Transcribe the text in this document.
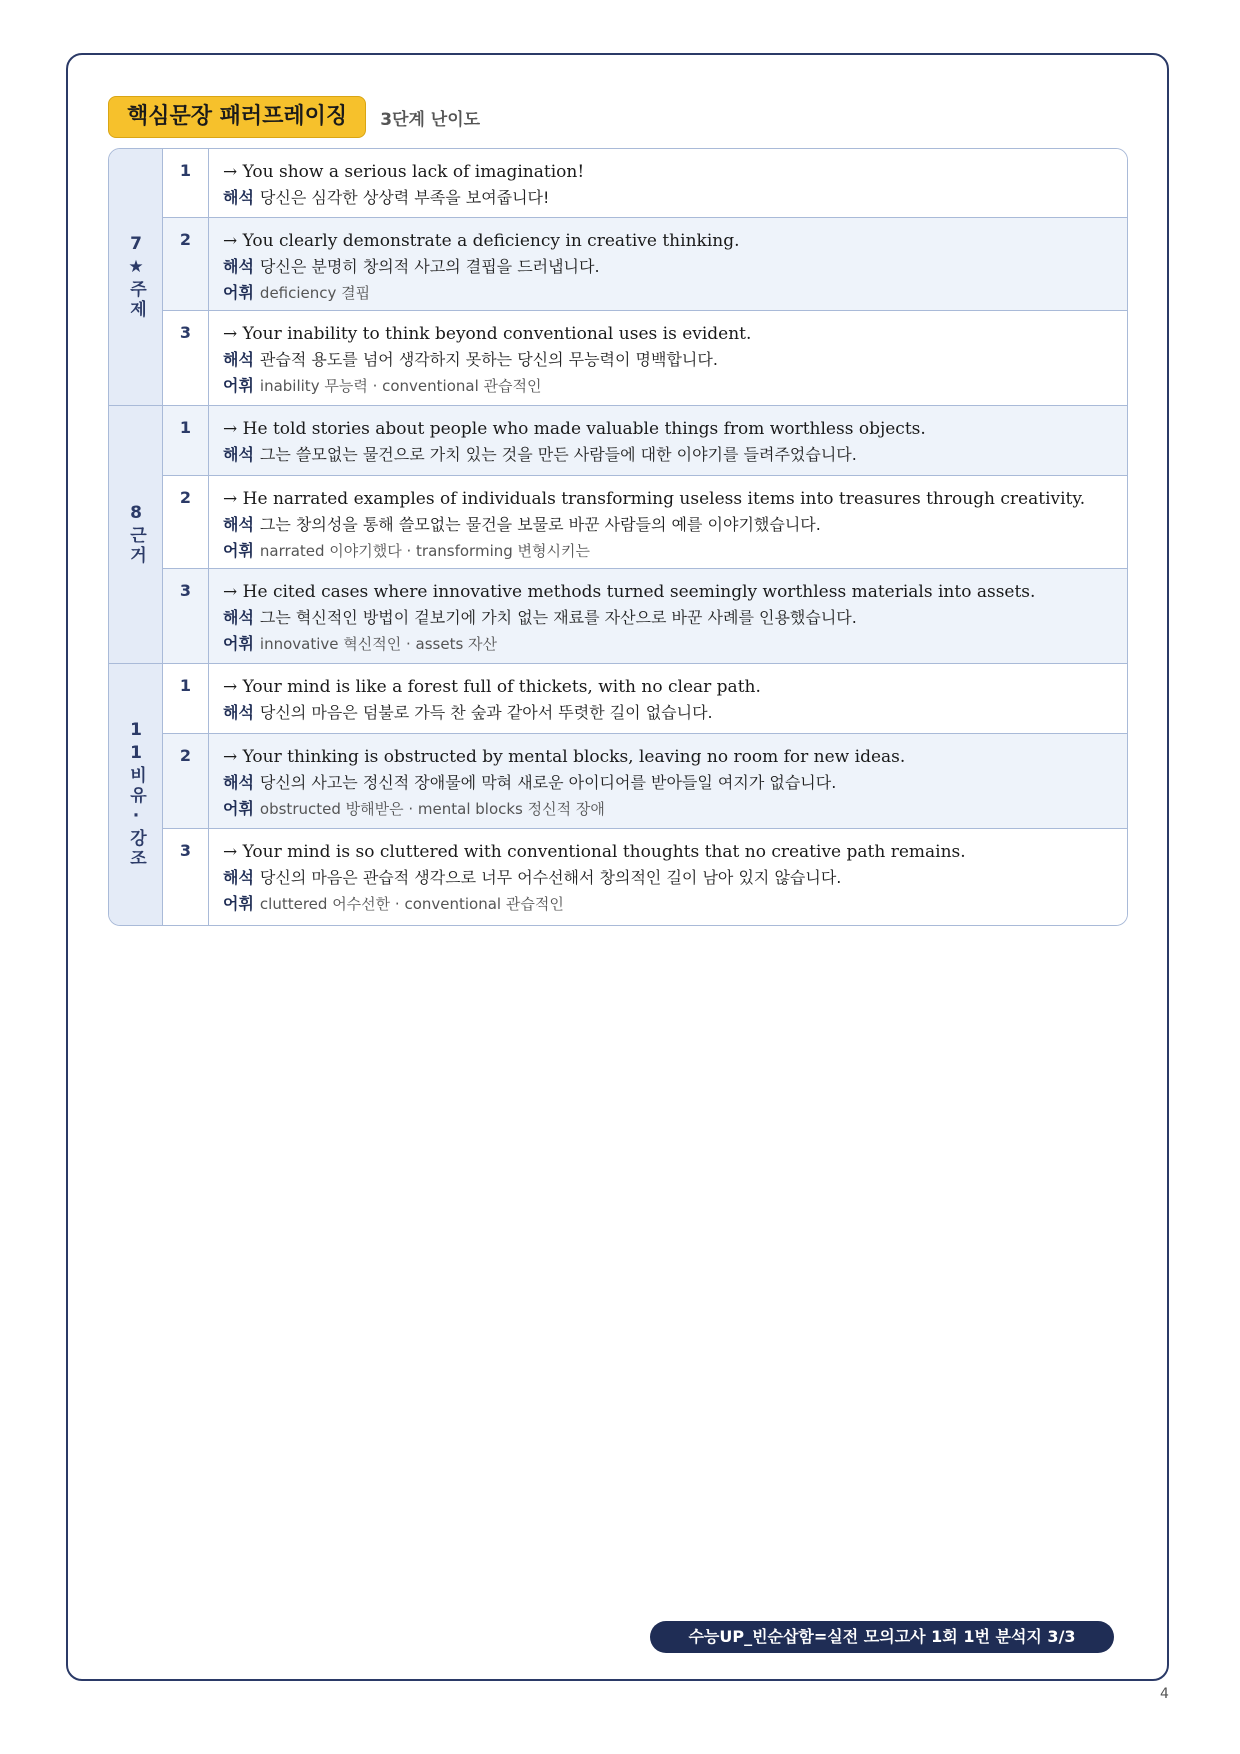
핵심문장 패러프레이징	3단계 난이도
7★주제
1	→ You show a serious lack of imagination!
해석 당신은 심각한 상상력 부족을 보여줍니다!
2	→ You clearly demonstrate a deficiency in creative thinking.
해석 당신은 분명히 창의적 사고의 결핍을 드러냅니다.
어휘 deficiency 결핍
3	→ Your inability to think beyond conventional uses is evident.
해석 관습적 용도를 넘어 생각하지 못하는 당신의 무능력이 명백합니다.
어휘 inability 무능력 · conventional 관습적인
8근거
1	→ He told stories about people who made valuable things from worthless objects.
해석 그는 쓸모없는 물건으로 가치 있는 것을 만든 사람들에 대한 이야기를 들려주었습니다.
2	→ He narrated examples of individuals transforming useless items into treasures through creativity.
해석 그는 창의성을 통해 쓸모없는 물건을 보물로 바꾼 사람들의 예를 이야기했습니다.
어휘 narrated 이야기했다 · transforming 변형시키는
3	→ He cited cases where innovative methods turned seemingly worthless materials into assets.
해석 그는 혁신적인 방법이 겉보기에 가치 없는 재료를 자산으로 바꾼 사례를 인용했습니다.
어휘 innovative 혁신적인 · assets 자산
11비유·강조
1	→ Your mind is like a forest full of thickets, with no clear path.
해석 당신의 마음은 덤불로 가득 찬 숲과 같아서 뚜렷한 길이 없습니다.
2	→ Your thinking is obstructed by mental blocks, leaving no room for new ideas.
해석 당신의 사고는 정신적 장애물에 막혀 새로운 아이디어를 받아들일 여지가 없습니다.
어휘 obstructed 방해받은 · mental blocks 정신적 장애
3	→ Your mind is so cluttered with conventional thoughts that no creative path remains.
해석 당신의 마음은 관습적 생각으로 너무 어수선해서 창의적인 길이 남아 있지 않습니다.
어휘 cluttered 어수선한 · conventional 관습적인
수능UP_빈순삽함=실전 모의고사 1회 1번 분석지 3/3
4
